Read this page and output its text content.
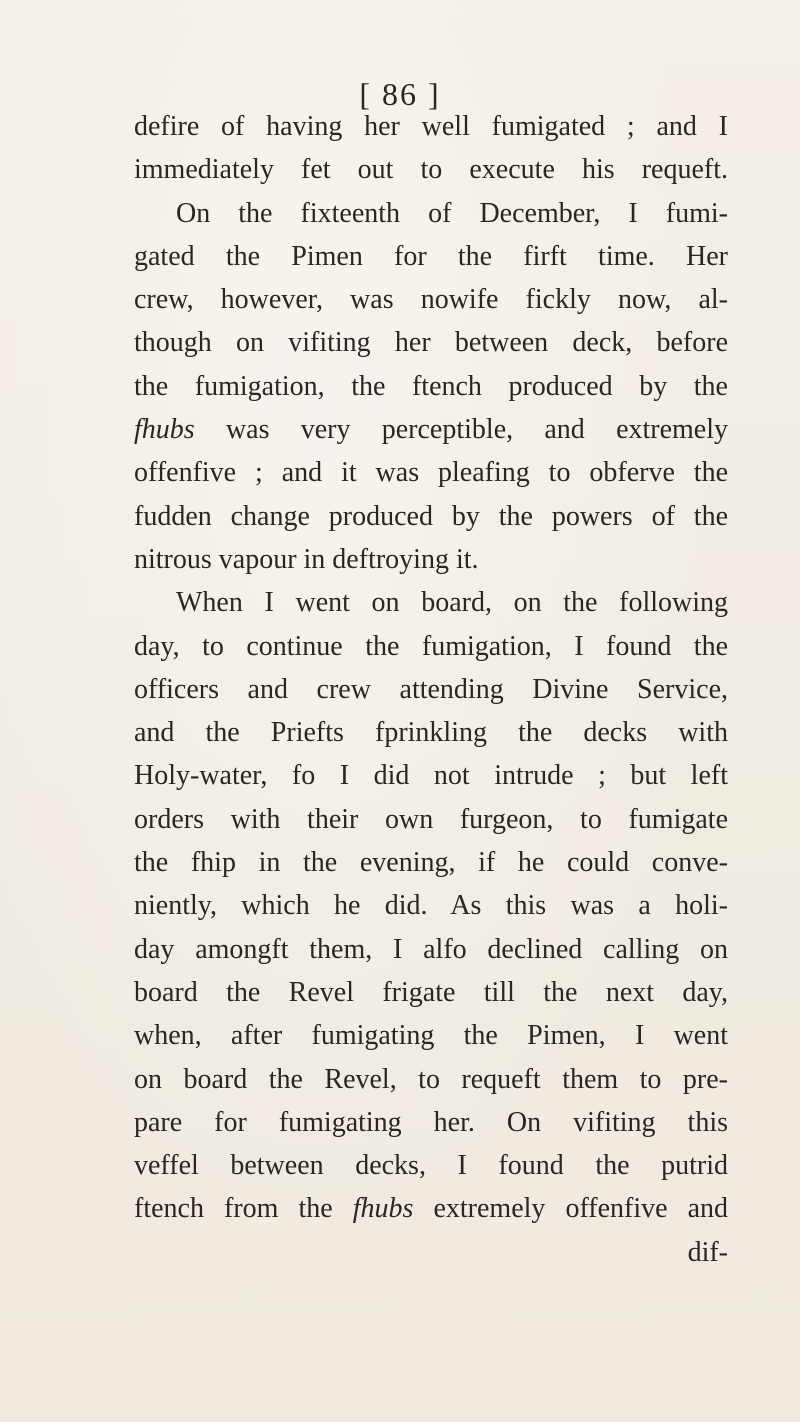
[ 86 ]
defire of having her well fumigated ; and I
immediately fet out to execute his requeft.
On the fixteenth of December, I fumi-
gated the Pimen for the firft time. Her
crew, however, was nowife fickly now, al-
though on vifiting her between deck, before
the fumigation, the ftench produced by the
fhubs was very perceptible, and extremely
offenfive ; and it was pleafing to obferve the
fudden change produced by the powers of the
nitrous vapour in deftroying it.
When I went on board, on the following
day, to continue the fumigation, I found the
officers and crew attending Divine Service,
and the Priefts fprinkling the decks with
Holy-water, fo I did not intrude ; but left
orders with their own furgeon, to fumigate
the fhip in the evening, if he could conve-
niently, which he did. As this was a holi-
day amongft them, I alfo declined calling on
board the Revel frigate till the next day,
when, after fumigating the Pimen, I went
on board the Revel, to requeft them to pre-
pare for fumigating her. On vifiting this
veffel between decks, I found the putrid
ftench from the fhubs extremely offenfive and
dif-
